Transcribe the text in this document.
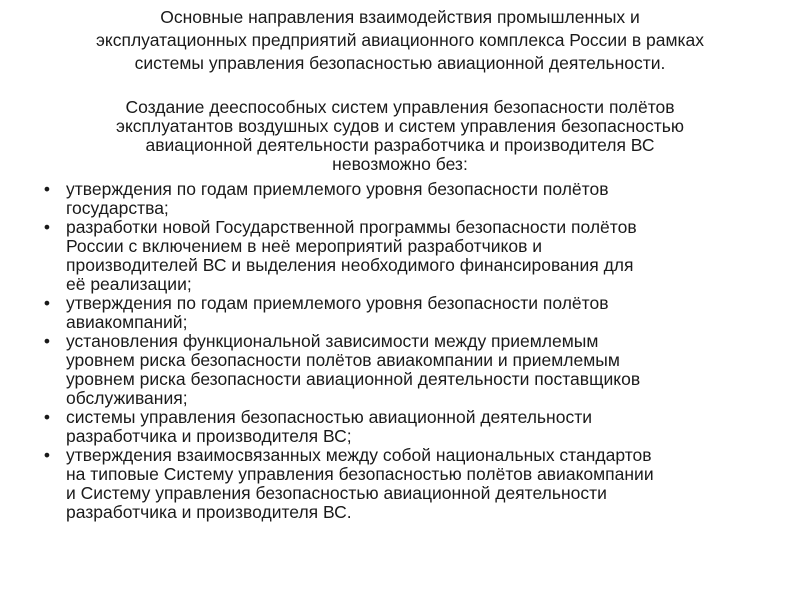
Основные направления взаимодействия промышленных и
эксплуатационных предприятий авиационного комплекса России в рамках
системы управления безопасностью авиационной деятельности.

Создание дееспособных систем управления безопасности полётов
эксплуатантов воздушных судов и систем управления безопасностью
авиационной деятельности разработчика и производителя ВС
невозможно без:

• утверждения по годам приемлемого уровня безопасности полётов
государства;
• разработки новой Государственной программы безопасности полётов
России с включением в неё мероприятий разработчиков и
производителей ВС и выделения необходимого финансирования для
её реализации;
• утверждения по годам приемлемого уровня безопасности полётов
авиакомпаний;
• установления функциональной зависимости между приемлемым
уровнем риска безопасности полётов авиакомпании и приемлемым
уровнем риска безопасности авиационной деятельности поставщиков
обслуживания;
• системы управления безопасностью авиационной деятельности
разработчика и производителя ВС;
• утверждения взаимосвязанных между собой национальных стандартов
на типовые Систему управления безопасностью полётов авиакомпании
и Систему управления безопасностью авиационной деятельности
разработчика и производителя ВС.
